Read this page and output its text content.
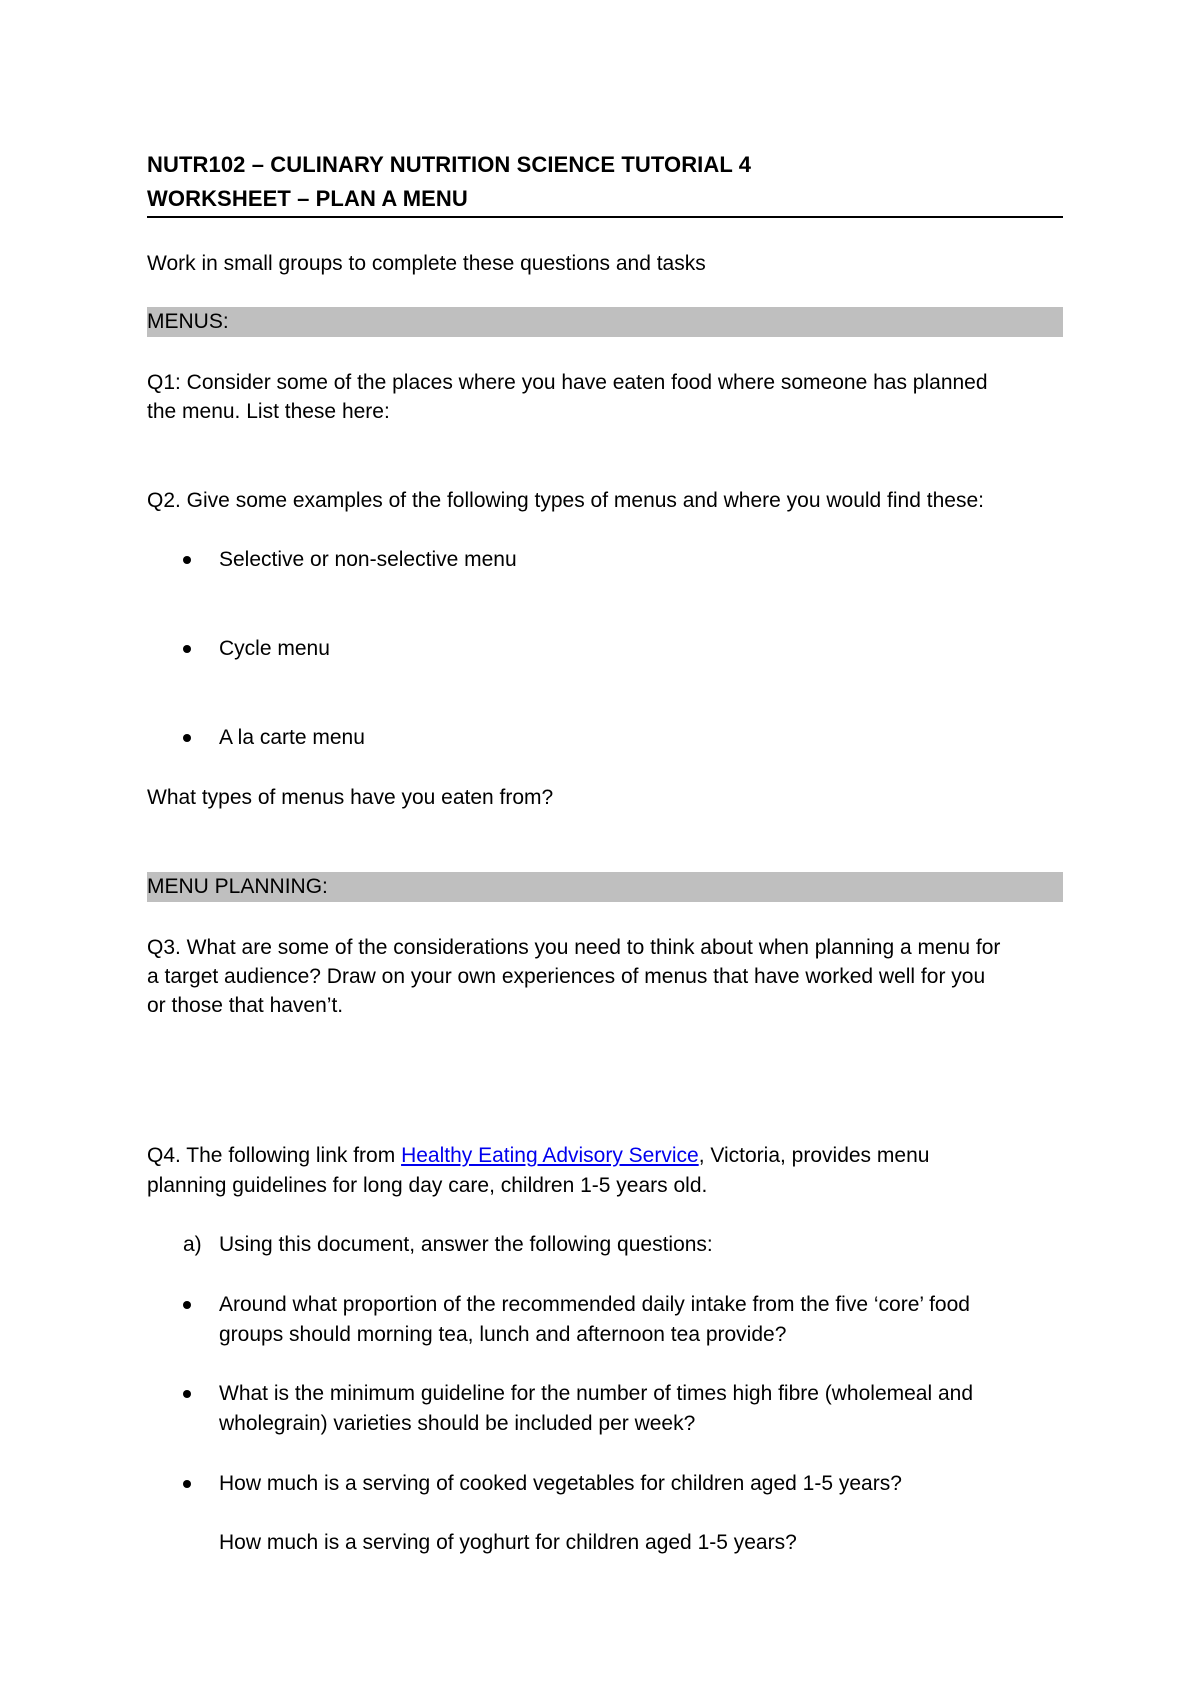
NUTR102 – CULINARY NUTRITION SCIENCE TUTORIAL 4
WORKSHEET – PLAN A MENU
Work in small groups to complete these questions and tasks
MENUS:
Q1: Consider some of the places where you have eaten food where someone has planned
the menu. List these here:
Q2. Give some examples of the following types of menus and where you would find these:
Selective or non-selective menu
Cycle menu
A la carte menu
What types of menus have you eaten from?
MENU PLANNING:
Q3. What are some of the considerations you need to think about when planning a menu for
a target audience? Draw on your own experiences of menus that have worked well for you
or those that haven’t.
Q4. The following link from Healthy Eating Advisory Service, Victoria, provides menu
planning guidelines for long day care, children 1-5 years old.
a) Using this document, answer the following questions:
Around what proportion of the recommended daily intake from the five ‘core’ food
groups should morning tea, lunch and afternoon tea provide?
What is the minimum guideline for the number of times high fibre (wholemeal and
wholegrain) varieties should be included per week?
How much is a serving of cooked vegetables for children aged 1-5 years?
How much is a serving of yoghurt for children aged 1-5 years?
